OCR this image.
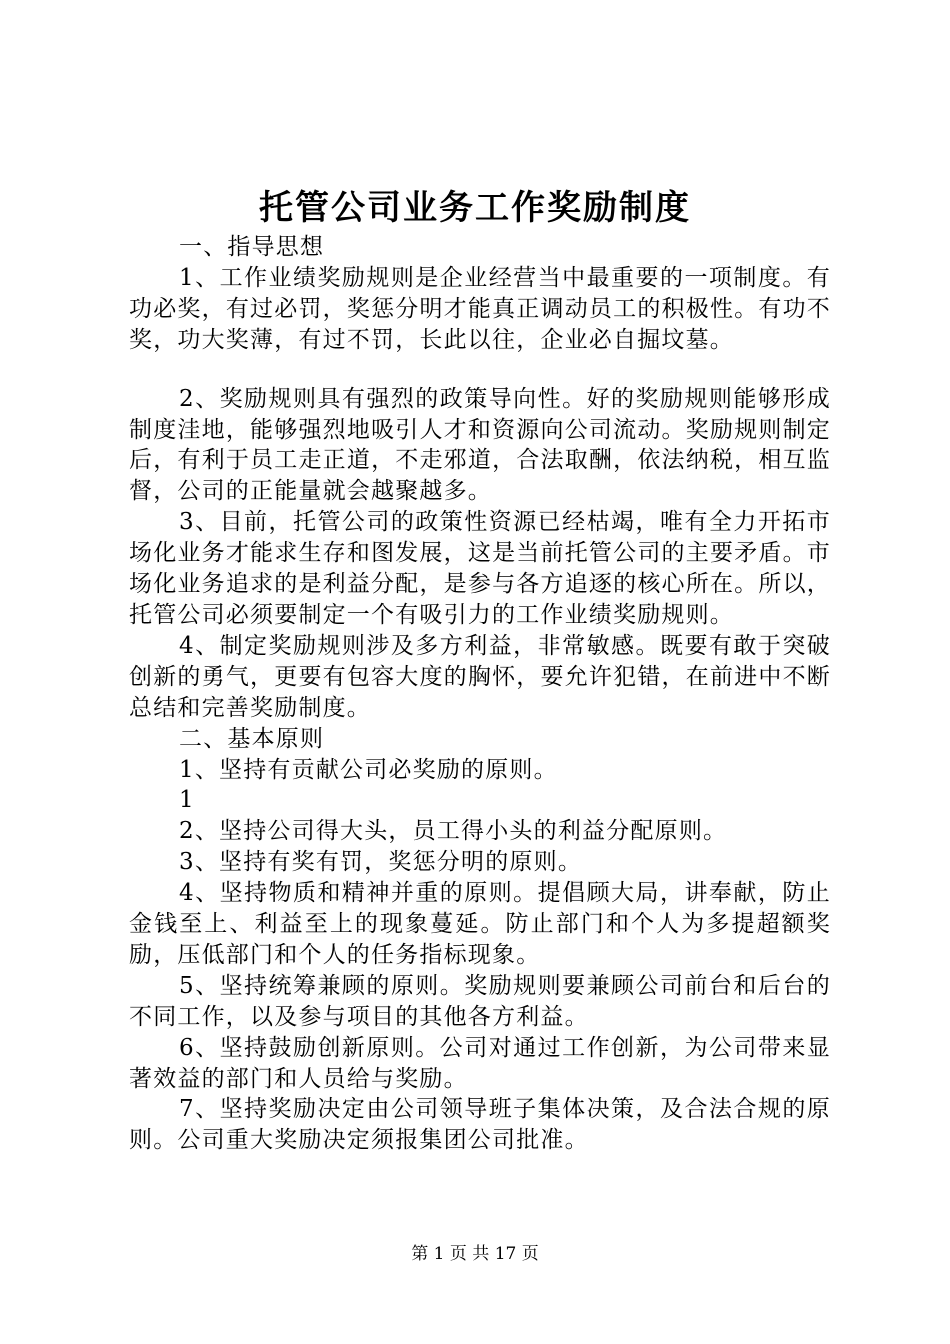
托管公司业务工作奖励制度

一、指导思想

1、工作业绩奖励规则是企业经营当中最重要的一项制度。有功必奖，有过必罚，奖惩分明才能真正调动员工的积极性。有功不奖，功大奖薄，有过不罚，长此以往，企业必自掘坟墓。

2、奖励规则具有强烈的政策导向性。好的奖励规则能够形成制度洼地，能够强烈地吸引人才和资源向公司流动。奖励规则制定后，有利于员工走正道，不走邪道，合法取酬，依法纳税，相互监督，公司的正能量就会越聚越多。

3、目前，托管公司的政策性资源已经枯竭，唯有全力开拓市场化业务才能求生存和图发展，这是当前托管公司的主要矛盾。市场化业务追求的是利益分配，是参与各方追逐的核心所在。所以，托管公司必须要制定一个有吸引力的工作业绩奖励规则。

4、制定奖励规则涉及多方利益，非常敏感。既要有敢于突破创新的勇气，更要有包容大度的胸怀，要允许犯错，在前进中不断总结和完善奖励制度。

二、基本原则

1、坚持有贡献公司必奖励的原则。

1

2、坚持公司得大头，员工得小头的利益分配原则。

3、坚持有奖有罚，奖惩分明的原则。

4、坚持物质和精神并重的原则。提倡顾大局，讲奉献，防止金钱至上、利益至上的现象蔓延。防止部门和个人为多提超额奖励，压低部门和个人的任务指标现象。

5、坚持统筹兼顾的原则。奖励规则要兼顾公司前台和后台的不同工作，以及参与项目的其他各方利益。

6、坚持鼓励创新原则。公司对通过工作创新，为公司带来显著效益的部门和人员给与奖励。

7、坚持奖励决定由公司领导班子集体决策，及合法合规的原则。公司重大奖励决定须报集团公司批准。

第 1 页 共 17 页
